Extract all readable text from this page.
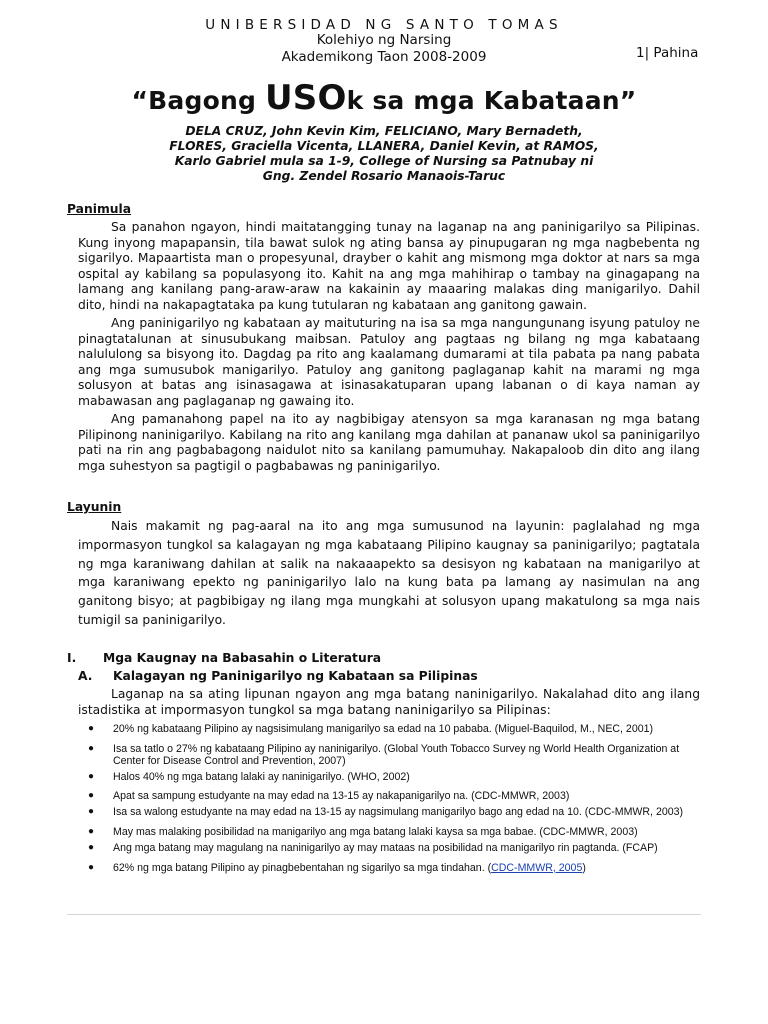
UNIBERSIDAD NG SANTO TOMAS
Kolehiyo ng Narsing
Akademikong Taon 2008-2009	1| Pahina
“Bagong USOk sa mga Kabataan”
DELA CRUZ, John Kevin Kim, FELICIANO, Mary Bernadeth,
FLORES, Graciella Vicenta, LLANERA, Daniel Kevin, at RAMOS,
Karlo Gabriel mula sa 1-9, College of Nursing sa Patnubay ni
Gng. Zendel Rosario Manaois-Taruc
Panimula

Sa panahon ngayon, hindi maitatangging tunay na laganap na ang paninigarilyo sa Pilipinas. Kung inyong mapapansin, tila bawat sulok ng ating bansa ay pinupugaran ng mga nagbebenta ng sigarilyo. Mapaartista man o propesyunal, drayber o kahit ang mismong mga doktor at nars sa mga ospital ay kabilang sa populasyong ito. Kahit na ang mga mahihirap o tambay na ginagapang na lamang ang kanilang pang-araw-araw na kakainin ay maaaring malakas ding manigarilyo. Dahil dito, hindi na nakapagtataka pa kung tutularan ng kabataan ang ganitong gawain.

Ang paninigarilyo ng kabataan ay maituturing na isa sa mga nangungunang isyung patuloy ne pinagtatalunan at sinusubukang maibsan. Patuloy ang pagtaas ng bilang ng mga kabataang nalululong sa bisyong ito. Dagdag pa rito ang kaalamang dumarami at tila pabata pa nang pabata ang mga sumusubok manigarilyo. Patuloy ang ganitong paglaganap kahit na marami ng mga solusyon at batas ang isinasagawa at isinasakatuparan upang labanan o di kaya naman ay mabawasan ang paglaganap ng gawaing ito.

Ang pamanahong papel na ito ay nagbibigay atensyon sa mga karanasan ng mga batang Pilipinong naninigarilyo. Kabilang na rito ang kanilang mga dahilan at pananaw ukol sa paninigarilyo pati na rin ang pagbabagong naidulot nito sa kanilang pamumuhay. Nakapaloob din dito ang ilang mga suhestyon sa pagtigil o pagbabawas ng paninigarilyo.

Layunin

Nais makamit ng pag-aaral na ito ang mga sumusunod na layunin: paglalahad ng mga impormasyon tungkol sa kalagayan ng mga kabataang Pilipino kaugnay sa paninigarilyo; pagtatala ng mga karaniwang dahilan at salik na nakaaapekto sa desisyon ng kabataan na manigarilyo at mga karaniwang epekto ng paninigarilyo lalo na kung bata pa lamang ay nasimulan na ang ganitong bisyo; at pagbibigay ng ilang mga mungkahi at solusyon upang makatulong sa mga nais tumigil sa paninigarilyo.

I. Mga Kaugnay na Babasahin o Literatura
A. Kalagayan ng Paninigarilyo ng Kabataan sa Pilipinas

Laganap na sa ating lipunan ngayon ang mga batang naninigarilyo. Nakalahad dito ang ilang istadistika at impormasyon tungkol sa mga batang naninigarilyo sa Pilipinas:

● 20% ng kabataang Pilipino ay nagsisimulang manigarilyo sa edad na 10 pababa. (Miguel-Baquilod, M., NEC, 2001)
● Isa sa tatlo o 27% ng kabataang Pilipino ay naninigarilyo. (Global Youth Tobacco Survey ng World Health Organization at Center for Disease Control and Prevention, 2007)
● Halos 40% ng mga batang lalaki ay naninigarilyo. (WHO, 2002)
● Apat sa sampung estudyante na may edad na 13-15 ay nakapanigarilyo na. (CDC-MMWR, 2003)
● Isa sa walong estudyante na may edad na 13-15 ay nagsimulang manigarilyo bago ang edad na 10. (CDC-MMWR, 2003)
● May mas malaking posibilidad na manigarilyo ang mga batang lalaki kaysa sa mga babae. (CDC-MMWR, 2003)
● Ang mga batang may magulang na naninigarilyo ay may mataas na posibilidad na manigarilyo rin pagtanda. (FCAP)
● 62% ng mga batang Pilipino ay pinagbebentahan ng sigarilyo sa mga tindahan. (CDC-MMWR, 2005)
